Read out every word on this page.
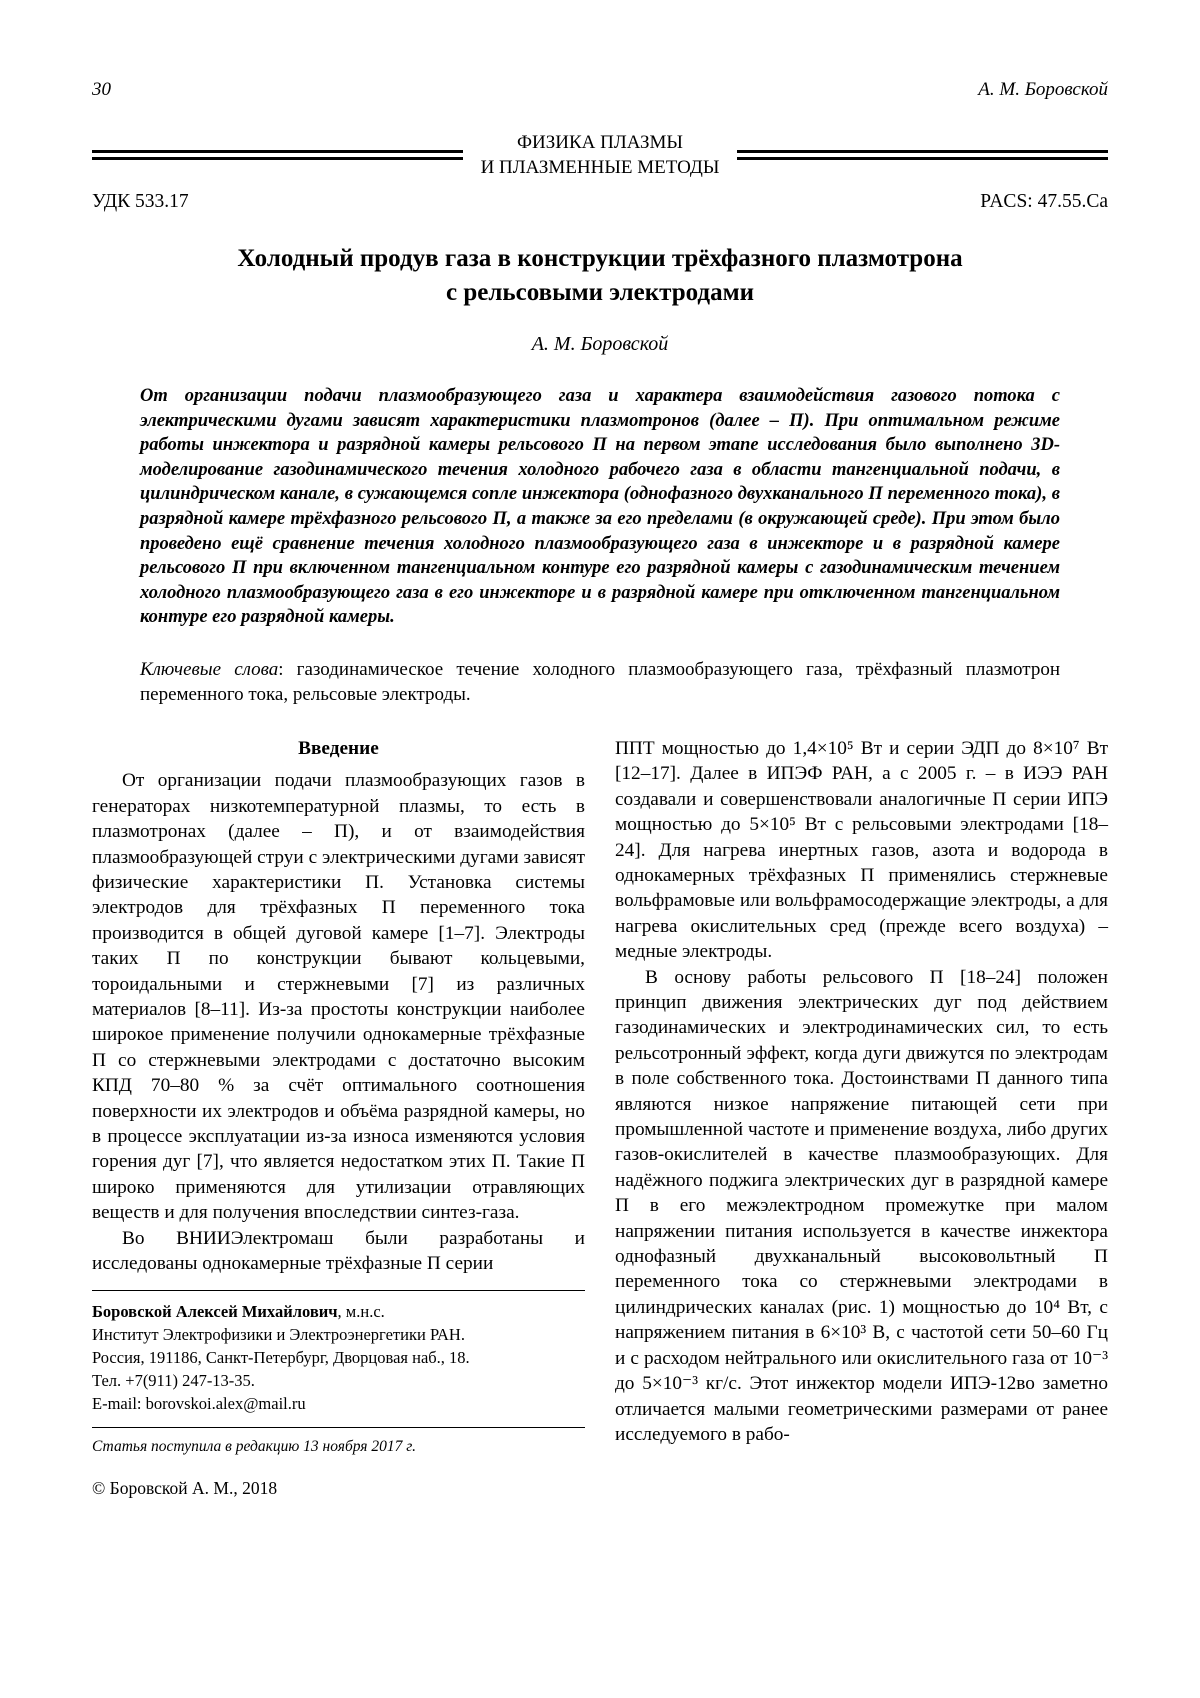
30	А. М. Боровской
ФИЗИКА ПЛАЗМЫ
И ПЛАЗМЕННЫЕ МЕТОДЫ
УДК 533.17	PACS: 47.55.Ca
Холодный продув газа в конструкции трёхфазного плазмотрона
с рельсовыми электродами
А. М. Боровской

От организации подачи плазмообразующего газа и характера взаимодействия газового потока с электрическими дугами зависят характеристики плазмотронов (далее – П). При оптимальном режиме работы инжектора и разрядной камеры рельсового П на первом этапе исследования было выполнено 3D-моделирование газодинамического течения холодного рабочего газа в области тангенциальной подачи, в цилиндрическом канале, в сужающемся сопле инжектора (однофазного двухканального П переменного тока), в разрядной камере трёхфазного рельсового П, а также за его пределами (в окружающей среде). При этом было проведено ещё сравнение течения холодного плазмообразующего газа в инжекторе и в разрядной камере рельсового П при включенном тангенциальном контуре его разрядной камеры с газодинамическим течением холодного плазмообразующего газа в его инжекторе и в разрядной камере при отключенном тангенциальном контуре его разрядной камеры.

Ключевые слова: газодинамическое течение холодного плазмообразующего газа, трёхфазный плазмотрон переменного тока, рельсовые электроды.

Введение

От организации подачи плазмообразующих газов в генераторах низкотемпературной плазмы, то есть в плазмотронах (далее – П), и от взаимодействия плазмообразующей струи с электрическими дугами зависят физические характеристики П. Установка системы электродов для трёхфазных П переменного тока производится в общей дуговой камере [1–7]. Электроды таких П по конструкции бывают кольцевыми, тороидальными и стержневыми [7] из различных материалов [8–11]. Из-за простоты конструкции наиболее широкое применение получили однокамерные трёхфазные П со стержневыми электродами с достаточно высоким КПД 70–80 % за счёт оптимального соотношения поверхности их электродов и объёма разрядной камеры, но в процессе эксплуатации из-за износа изменяются условия горения дуг [7], что является недостатком этих П. Такие П широко применяются для утилизации отравляющих веществ и для получения впоследствии синтез-газа.

Во ВНИИЭлектромаш были разработаны и исследованы однокамерные трёхфазные П серии

Боровской Алексей Михайлович, м.н.с.
Институт Электрофизики и Электроэнергетики РАН.
Россия, 191186, Санкт-Петербург, Дворцовая наб., 18.
Тел. +7(911) 247-13-35.
E-mail: borovskoi.alex@mail.ru
Статья поступила в редакцию 13 ноября 2017 г.
© Боровской А. М., 2018

ППТ мощностью до 1,4×10⁵ Вт и серии ЭДП до 8×10⁷ Вт [12–17]. Далее в ИПЭФ РАН, а с 2005 г. – в ИЭЭ РАН создавали и совершенствовали аналогичные П серии ИПЭ мощностью до 5×10⁵ Вт с рельсовыми электродами [18–24]. Для нагрева инертных газов, азота и водорода в однокамерных трёхфазных П применялись стержневые вольфрамовые или вольфрамосодержащие электроды, а для нагрева окислительных сред (прежде всего воздуха) – медные электроды.

В основу работы рельсового П [18–24] положен принцип движения электрических дуг под действием газодинамических и электродинамических сил, то есть рельсотронный эффект, когда дуги движутся по электродам в поле собственного тока. Достоинствами П данного типа являются низкое напряжение питающей сети при промышленной частоте и применение воздуха, либо других газов-окислителей в качестве плазмообразующих. Для надёжного поджига электрических дуг в разрядной камере П в его межэлектродном промежутке при малом напряжении питания используется в качестве инжектора однофазный двухканальный высоковольтный П переменного тока со стержневыми электродами в цилиндрических каналах (рис. 1) мощностью до 10⁴ Вт, с напряжением питания в 6×10³ В, с частотой сети 50–60 Гц и с расходом нейтрального или окислительного газа от 10⁻³ до 5×10⁻³ кг/с. Этот инжектор модели ИПЭ-12во заметно отличается малыми геометрическими размерами от ранее исследуемого в рабо-
